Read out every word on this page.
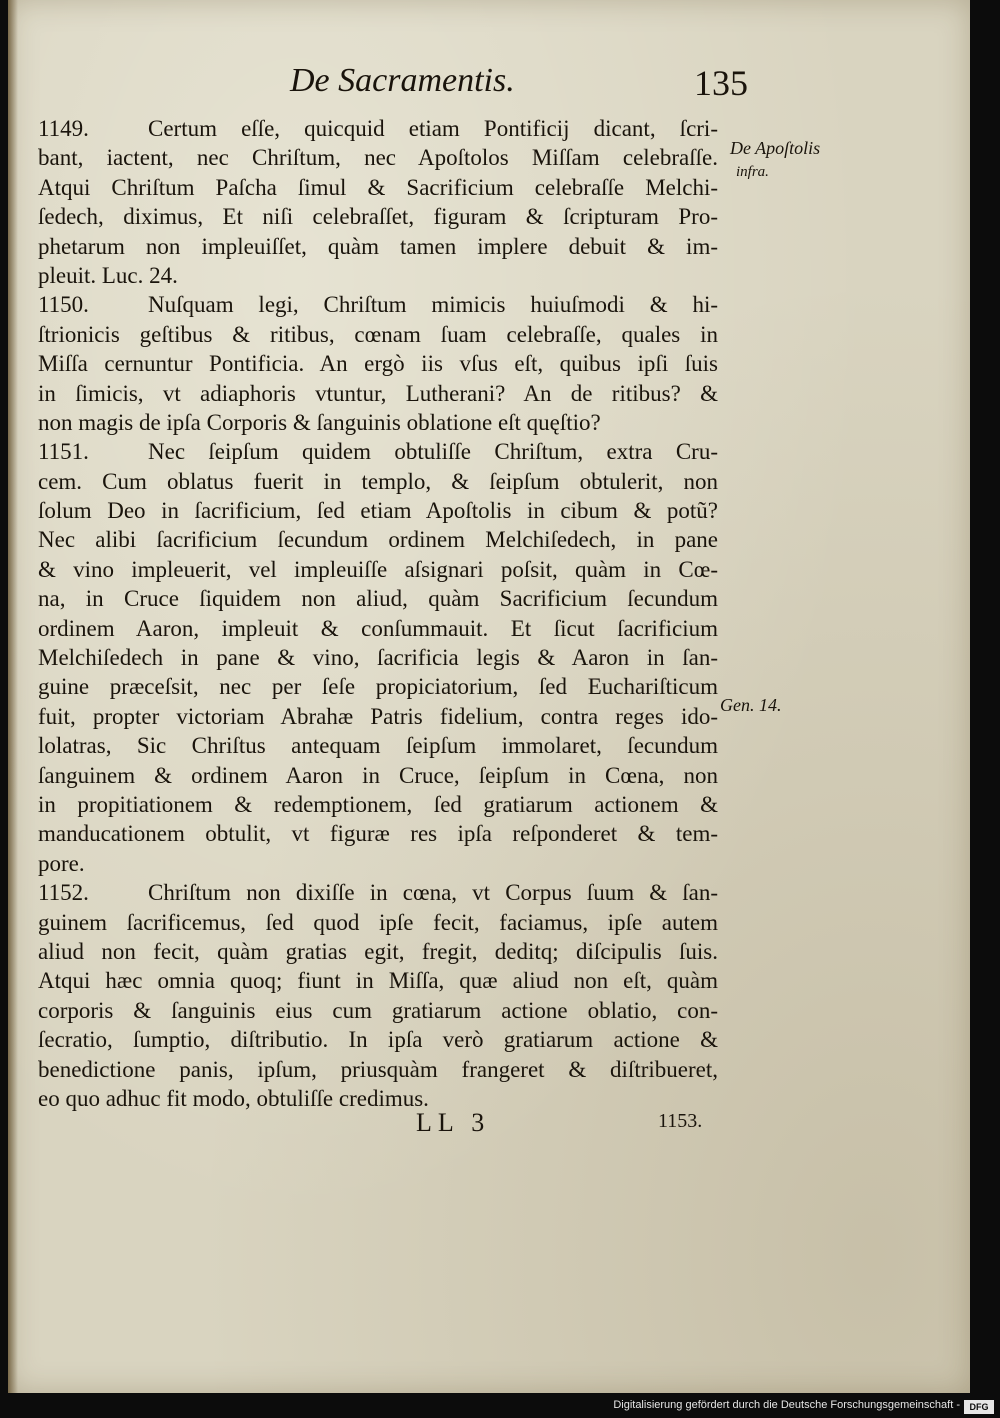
De Sacramentis.	135
1149.	Certum eſſe, quicquid etiam Pontificij dicant, ſcri-
bant, iactent, nec Chriſtum, nec Apoſtolos Miſſam celebraſſe.
Atqui Chriſtum Paſcha ſimul & Sacrificium celebraſſe Melchi-
ſedech, diximus, Et niſi celebraſſet, figuram & ſcripturam Pro-
phetarum non impleuiſſet, quàm tamen implere debuit & im-
pleuit. Luc. 24.
1150.	Nuſquam legi, Chriſtum mimicis huiuſmodi & hi-
ſtrionicis geſtibus & ritibus, cœnam ſuam celebraſſe, quales in
Miſſa cernuntur Pontificia. An ergò iis vſus eſt, quibus ipſi ſuis
in ſimicis, vt adiaphoris vtuntur, Lutherani? An de ritibus? &
non magis de ipſa Corporis & ſanguinis oblatione eſt quęſtio?
1151.	Nec ſeipſum quidem obtuliſſe Chriſtum, extra Cru-
cem. Cum oblatus fuerit in templo, & ſeipſum obtulerit, non
ſolum Deo in ſacrificium, ſed etiam Apoſtolis in cibum & potũ?
Nec alibi ſacrificium ſecundum ordinem Melchiſedech, in pane
& vino impleuerit, vel impleuiſſe aſsignari poſsit, quàm in Cœ-
na, in Cruce ſiquidem non aliud, quàm Sacrificium ſecundum
ordinem Aaron, impleuit & conſummauit. Et ſicut ſacrificium
Melchiſedech in pane & vino, ſacrificia legis & Aaron in ſan-
guine præceſsit, nec per ſeſe propiciatorium, ſed Euchariſticum
fuit, propter victoriam Abrahæ Patris fidelium, contra reges ido-
lolatras, Sic Chriſtus antequam ſeipſum immolaret, ſecundum
ſanguinem & ordinem Aaron in Cruce, ſeipſum in Cœna, non
in propitiationem & redemptionem, ſed gratiarum actionem &
manducationem obtulit, vt figuræ res ipſa reſponderet & tem-
pore.
1152.	Chriſtum non dixiſſe in cœna, vt Corpus ſuum & ſan-
guinem ſacrificemus, ſed quod ipſe fecit, faciamus, ipſe autem
aliud non fecit, quàm gratias egit, fregit, deditq; diſcipulis ſuis.
Atqui hæc omnia quoq; fiunt in Miſſa, quæ aliud non eſt, quàm
corporis & ſanguinis eius cum gratiarum actione oblatio, con-
ſecratio, ſumptio, diſtributio. In ipſa verò gratiarum actione &
benedictione panis, ipſum, priusquàm frangeret & diſtribueret,
eo quo adhuc fit modo, obtuliſſe credimus.
De Apoſtolis
infra.
Gen. 14.
LL 3	1153.
Digitalisierung gefördert durch die Deutsche Forschungsgemeinschaft -	DFG
